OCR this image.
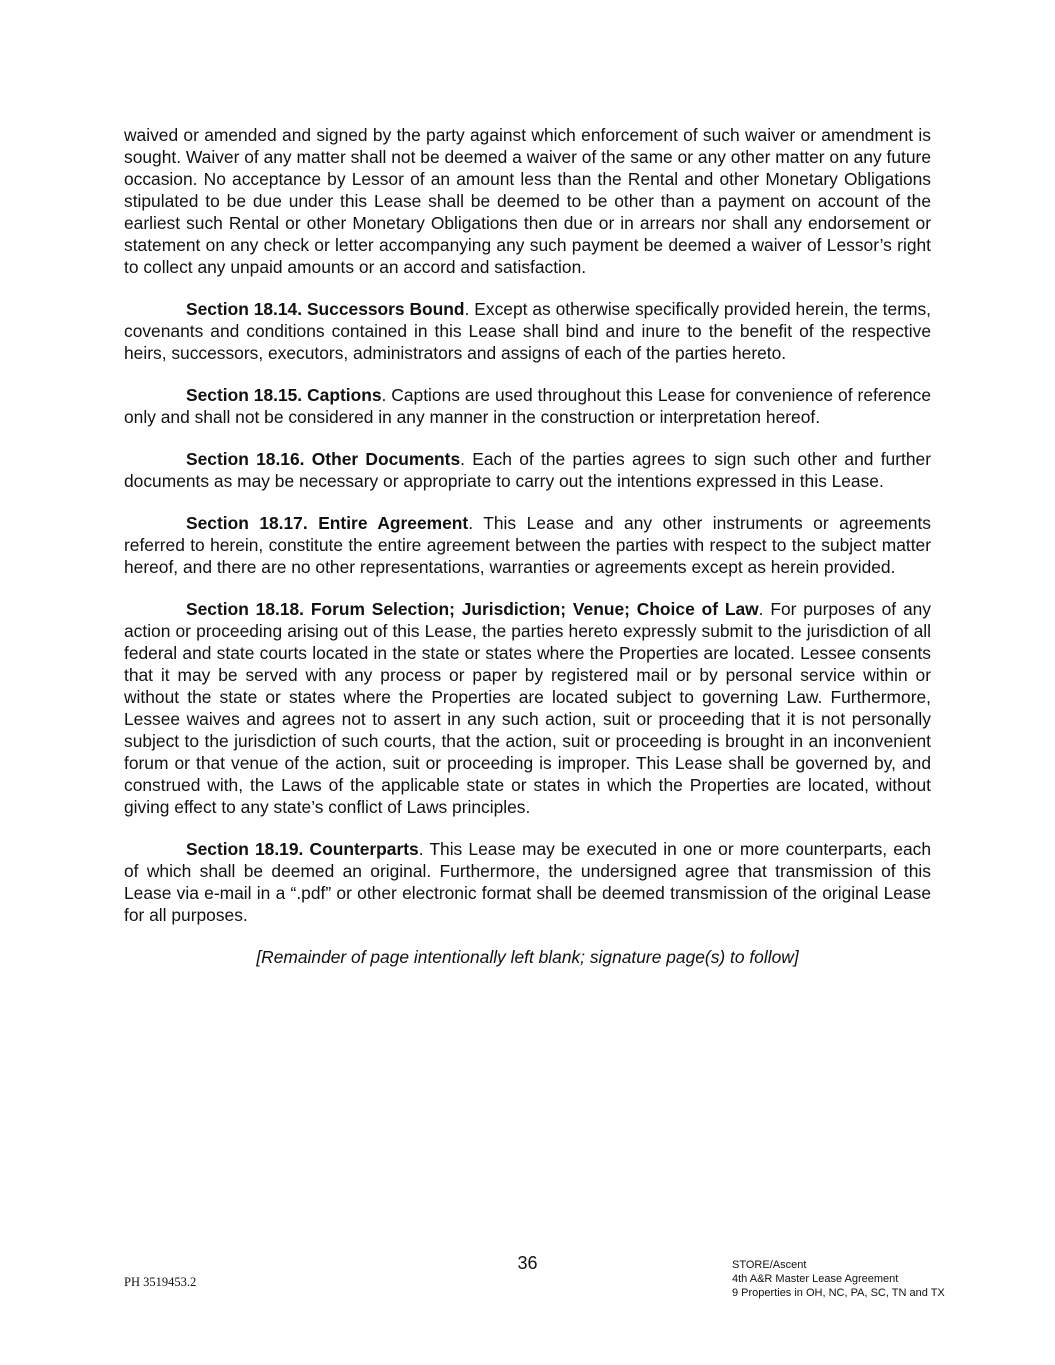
waived or amended and signed by the party against which enforcement of such waiver or amendment is sought. Waiver of any matter shall not be deemed a waiver of the same or any other matter on any future occasion. No acceptance by Lessor of an amount less than the Rental and other Monetary Obligations stipulated to be due under this Lease shall be deemed to be other than a payment on account of the earliest such Rental or other Monetary Obligations then due or in arrears nor shall any endorsement or statement on any check or letter accompanying any such payment be deemed a waiver of Lessor’s right to collect any unpaid amounts or an accord and satisfaction.

Section 18.14. Successors Bound. Except as otherwise specifically provided herein, the terms, covenants and conditions contained in this Lease shall bind and inure to the benefit of the respective heirs, successors, executors, administrators and assigns of each of the parties hereto.

Section 18.15. Captions. Captions are used throughout this Lease for convenience of reference only and shall not be considered in any manner in the construction or interpretation hereof.

Section 18.16. Other Documents. Each of the parties agrees to sign such other and further documents as may be necessary or appropriate to carry out the intentions expressed in this Lease.

Section 18.17. Entire Agreement. This Lease and any other instruments or agreements referred to herein, constitute the entire agreement between the parties with respect to the subject matter hereof, and there are no other representations, warranties or agreements except as herein provided.

Section 18.18. Forum Selection; Jurisdiction; Venue; Choice of Law. For purposes of any action or proceeding arising out of this Lease, the parties hereto expressly submit to the jurisdiction of all federal and state courts located in the state or states where the Properties are located. Lessee consents that it may be served with any process or paper by registered mail or by personal service within or without the state or states where the Properties are located subject to governing Law. Furthermore, Lessee waives and agrees not to assert in any such action, suit or proceeding that it is not personally subject to the jurisdiction of such courts, that the action, suit or proceeding is brought in an inconvenient forum or that venue of the action, suit or proceeding is improper. This Lease shall be governed by, and construed with, the Laws of the applicable state or states in which the Properties are located, without giving effect to any state’s conflict of Laws principles.

Section 18.19. Counterparts. This Lease may be executed in one or more counterparts, each of which shall be deemed an original. Furthermore, the undersigned agree that transmission of this Lease via e-mail in a “.pdf” or other electronic format shall be deemed transmission of the original Lease for all purposes.

[Remainder of page intentionally left blank; signature page(s) to follow]

36
PH 3519453.2
STORE/Ascent
4th A&R Master Lease Agreement
9 Properties in OH, NC, PA, SC, TN and TX
